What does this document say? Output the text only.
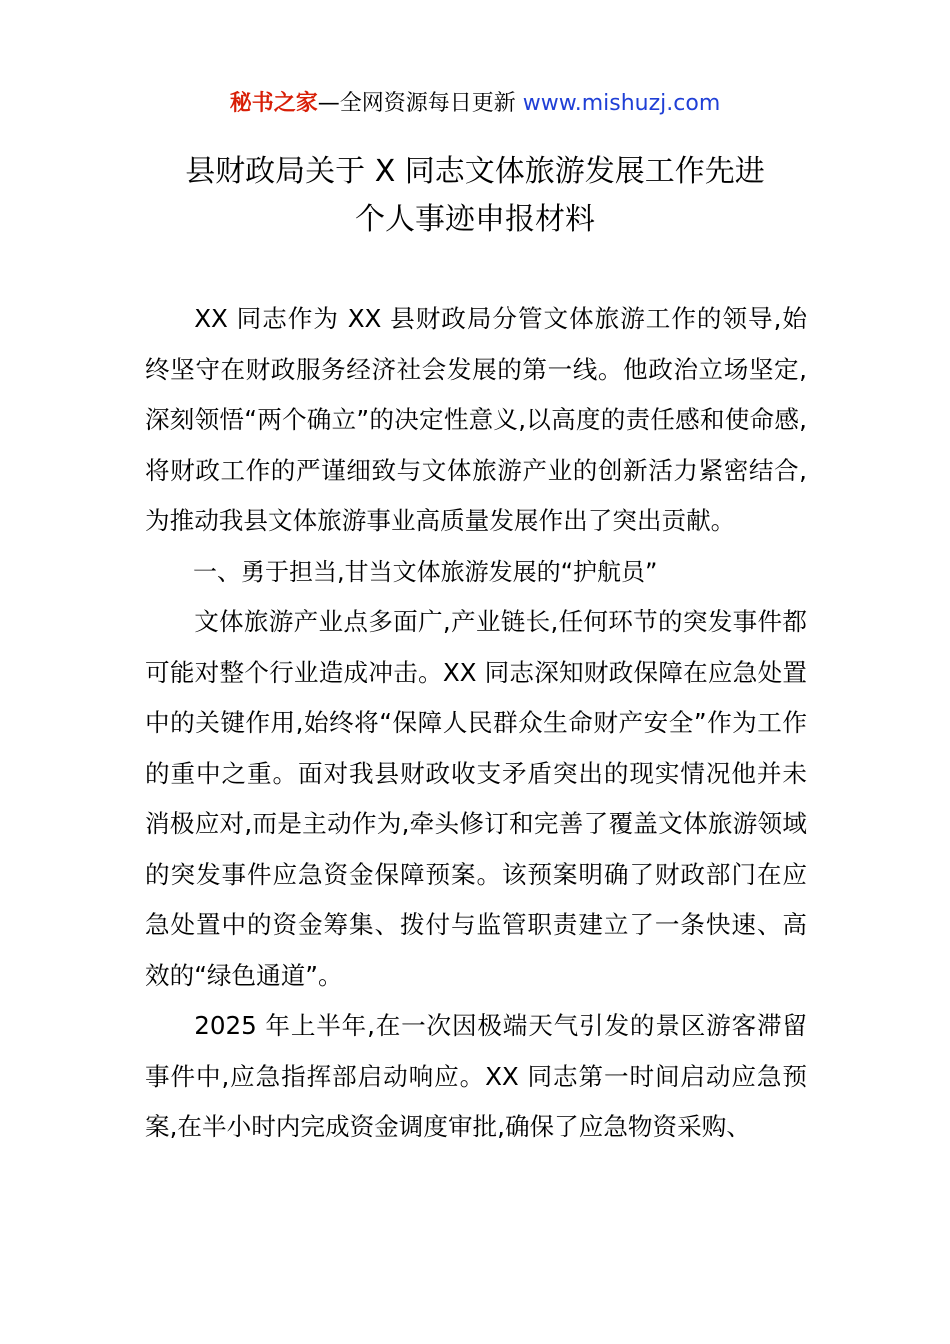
秘书之家—全网资源每日更新 www.mishuzj.com
县财政局关于 X 同志文体旅游发展工作先进
个人事迹申报材料

XX 同志作为 XX 县财政局分管文体旅游工作的领导,始终坚守在财政服务经济社会发展的第一线。他政治立场坚定,深刻领悟“两个确立”的决定性意义,以高度的责任感和使命感,将财政工作的严谨细致与文体旅游产业的创新活力紧密结合,为推动我县文体旅游事业高质量发展作出了突出贡献。

一、勇于担当,甘当文体旅游发展的“护航员”

文体旅游产业点多面广,产业链长,任何环节的突发事件都可能对整个行业造成冲击。XX 同志深知财政保障在应急处置中的关键作用,始终将“保障人民群众生命财产安全”作为工作的重中之重。面对我县财政收支矛盾突出的现实情况他并未消极应对,而是主动作为,牵头修订和完善了覆盖文体旅游领域的突发事件应急资金保障预案。该预案明确了财政部门在应急处置中的资金筹集、拨付与监管职责建立了一条快速、高效的“绿色通道”。

2025 年上半年,在一次因极端天气引发的景区游客滞留事件中,应急指挥部启动响应。XX 同志第一时间启动应急预案,在半小时内完成资金调度审批,确保了应急物资采购、
